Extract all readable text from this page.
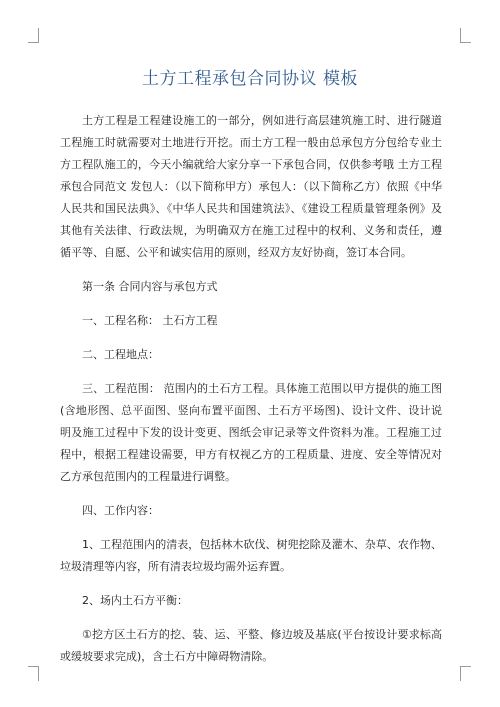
土方工程承包合同协议 模板

土方工程是工程建设施工的一部分，例如进行高层建筑施工时、进行隧道工程施工时就需要对土地进行开挖。而土方工程一般由总承包方分包给专业土方工程队施工的，今天小编就给大家分享一下承包合同，仅供参考哦 土方工程承包合同范文 发包人：（以下简称甲方）承包人：（以下简称乙方）依照《中华人民共和国民法典》、《中华人民共和国建筑法》、《建设工程质量管理条例》及其他有关法律、行政法规，为明确双方在施工过程中的权利、义务和责任，遵循平等、自愿、公平和诚实信用的原则，经双方友好协商，签订本合同。

第一条 合同内容与承包方式

一、工程名称： 土石方工程

二、工程地点：

三、工程范围： 范围内的土石方工程。具体施工范围以甲方提供的施工图(含地形图、总平面图、竖向布置平面图、土石方平场图)、设计文件、设计说明及施工过程中下发的设计变更、图纸会审记录等文件资料为准。工程施工过程中，根据工程建设需要，甲方有权视乙方的工程质量、进度、安全等情况对乙方承包范围内的工程量进行调整。

四、工作内容：

1、工程范围内的清表，包括林木砍伐、树兜挖除及灌木、杂草、农作物、垃圾清理等内容，所有清表垃圾均需外运弃置。

2、场内土石方平衡：

①挖方区土石方的挖、装、运、平整、修边坡及基底(平台按设计要求标高或缓坡要求完成)，含土石方中障碍物清除。
